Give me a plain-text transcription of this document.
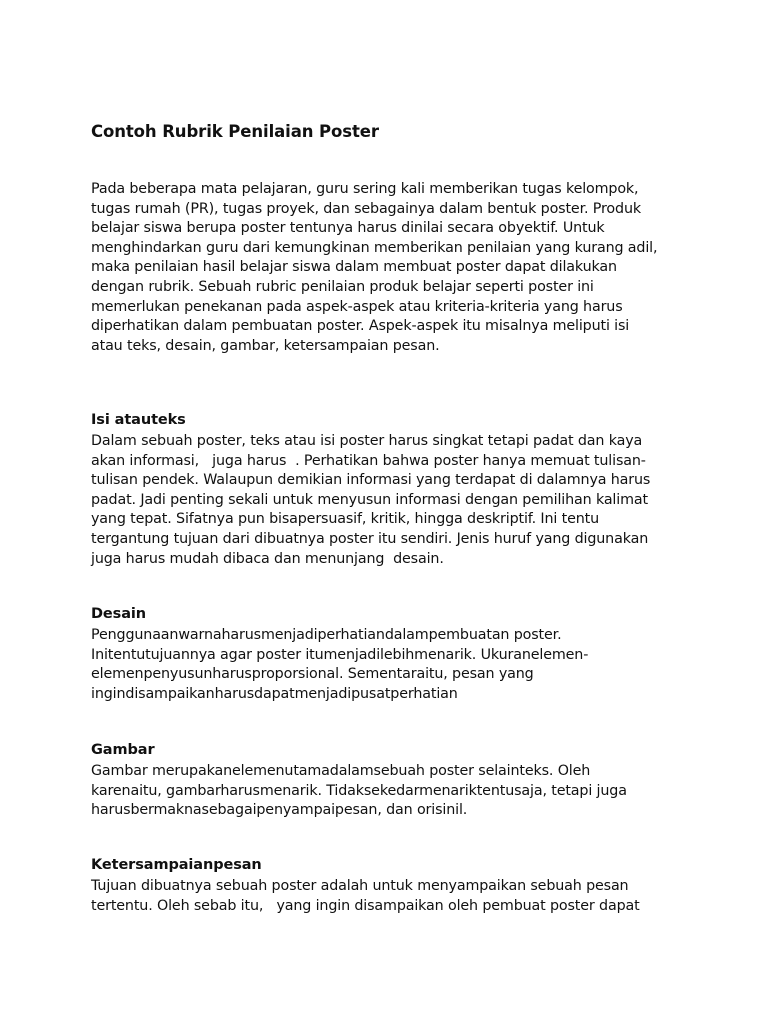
Contoh Rubrik Penilaian Poster
Pada beberapa mata pelajaran, guru sering kali memberikan tugas kelompok,
tugas rumah (PR), tugas proyek, dan sebagainya dalam bentuk poster. Produk
belajar siswa berupa poster tentunya harus dinilai secara obyektif. Untuk
menghindarkan guru dari kemungkinan memberikan penilaian yang kurang adil,
maka penilaian hasil belajar siswa dalam membuat poster dapat dilakukan
dengan rubrik. Sebuah rubric penilaian produk belajar seperti poster ini
memerlukan penekanan pada aspek-aspek atau kriteria-kriteria yang harus
diperhatikan dalam pembuatan poster. Aspek-aspek itu misalnya meliputi isi
atau teks, desain, gambar, ketersampaian pesan.
Isi atauteks
Dalam sebuah poster, teks atau isi poster harus singkat tetapi padat dan kaya
akan informasi,   juga harus  . Perhatikan bahwa poster hanya memuat tulisan-
tulisan pendek. Walaupun demikian informasi yang terdapat di dalamnya harus
padat. Jadi penting sekali untuk menyusun informasi dengan pemilihan kalimat
yang tepat. Sifatnya pun bisapersuasif, kritik, hingga deskriptif. Ini tentu
tergantung tujuan dari dibuatnya poster itu sendiri. Jenis huruf yang digunakan
juga harus mudah dibaca dan menunjang  desain.
Desain
Penggunaanwarnaharusmenjadiperhatiandalampembuatan poster.
Initentutujuannya agar poster itumenjadilebihmenarik. Ukuranelemen-
elemenpenyusunharusproporsional. Sementaraitu, pesan yang
ingindisampaikanharusdapatmenjadipusatperhatian
Gambar
Gambar merupakanelemenutamadalamsebuah poster selainteks. Oleh
karenaitu, gambarharusmenarik. Tidaksekedarmenariktentusaja, tetapi juga
harusbermaknasebagaipenyampaipesan, dan orisinil.
Ketersampaianpesan
Tujuan dibuatnya sebuah poster adalah untuk menyampaikan sebuah pesan
tertentu. Oleh sebab itu,   yang ingin disampaikan oleh pembuat poster dapat
